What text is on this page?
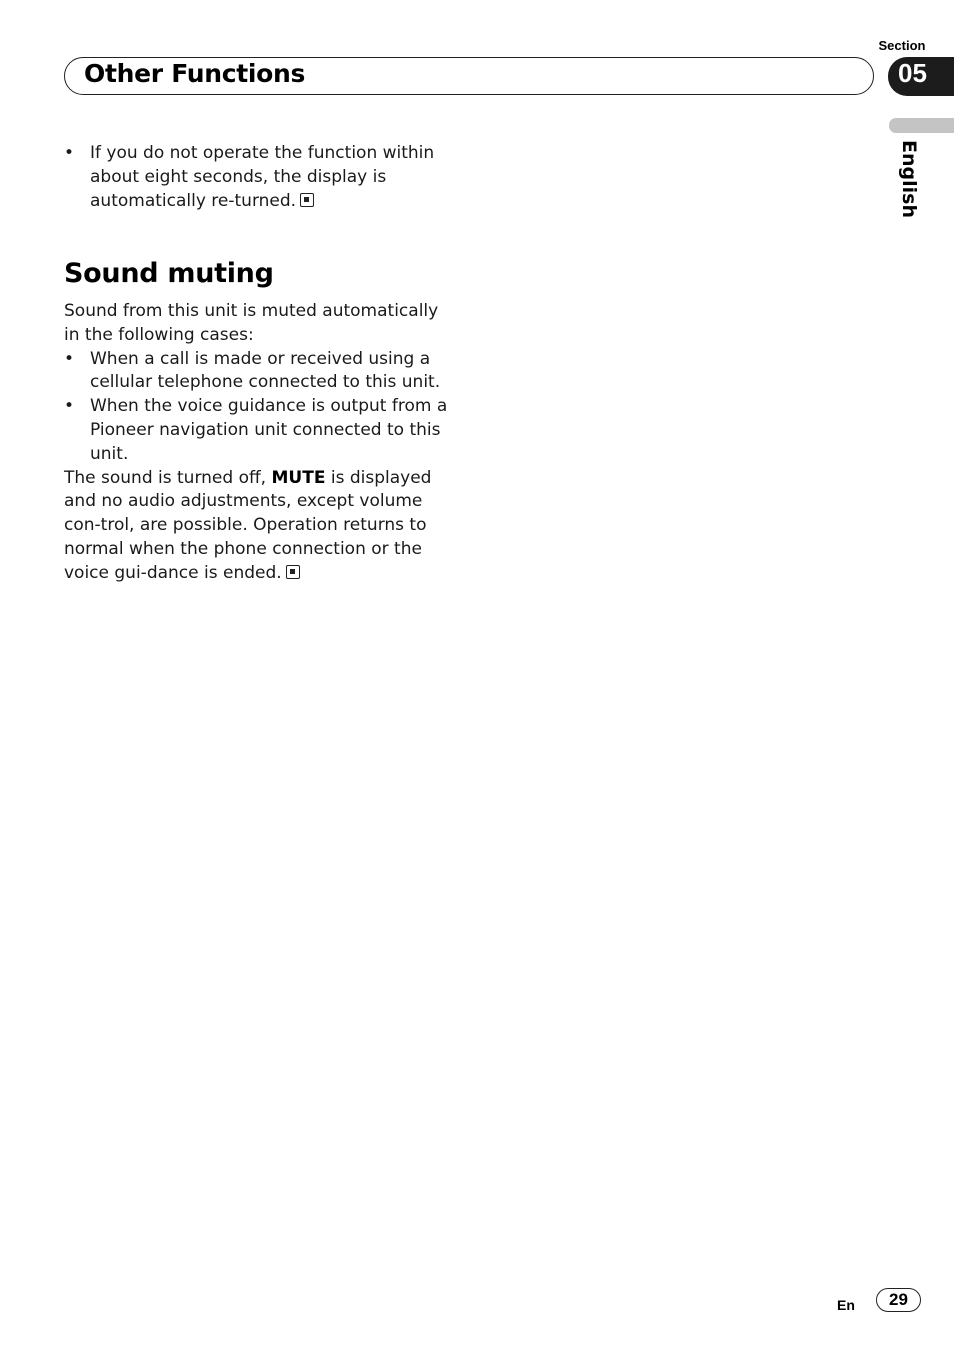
Section
Other Functions	05
English
• If you do not operate the function within about eight seconds, the display is automatically re-turned.
Sound muting

Sound from this unit is muted automatically in the following cases:

• When a call is made or received using a cellular telephone connected to this unit.
• When the voice guidance is output from a Pioneer navigation unit connected to this unit.

The sound is turned off, MUTE is displayed and no audio adjustments, except volume con-trol, are possible. Operation returns to normal when the phone connection or the voice gui-dance is ended.

En	29
